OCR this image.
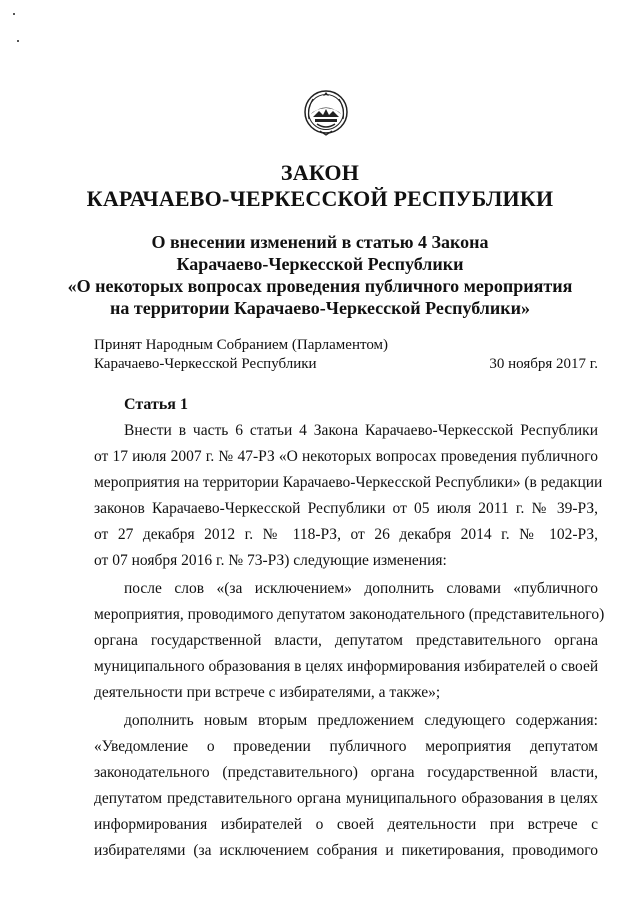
ЗАКОН
КАРАЧАЕВО-ЧЕРКЕССКОЙ РЕСПУБЛИКИ
О внесении изменений в статью 4 Закона
Карачаево-Черкесской Республики
«О некоторых вопросах проведения публичного мероприятия
на территории Карачаево-Черкесской Республики»
Принят Народным Собранием (Парламентом)
Карачаево-Черкесской Республики	30 ноября 2017 г.
Статья 1
Внести в часть 6 статьи 4 Закона Карачаево-Черкесской Республики
от 17 июля 2007 г. № 47-РЗ «О некоторых вопросах проведения публичного
мероприятия на территории Карачаево-Черкесской Республики» (в редакции
законов Карачаево-Черкесской Республики от 05 июля 2011 г. № 39-РЗ,
от 27 декабря 2012 г. № 118-РЗ, от 26 декабря 2014 г. № 102-РЗ,
от 07 ноября 2016 г. № 73-РЗ) следующие изменения:
после слов «(за исключением» дополнить словами «публичного
мероприятия, проводимого депутатом законодательного (представительного)
органа государственной власти, депутатом представительного органа
муниципального образования в целях информирования избирателей о своей
деятельности при встрече с избирателями, а также»;
дополнить новым вторым предложением следующего содержания:
«Уведомление о проведении публичного мероприятия депутатом
законодательного (представительного) органа государственной власти,
депутатом представительного органа муниципального образования в целях
информирования избирателей о своей деятельности при встрече с
избирателями (за исключением собрания и пикетирования, проводимого
